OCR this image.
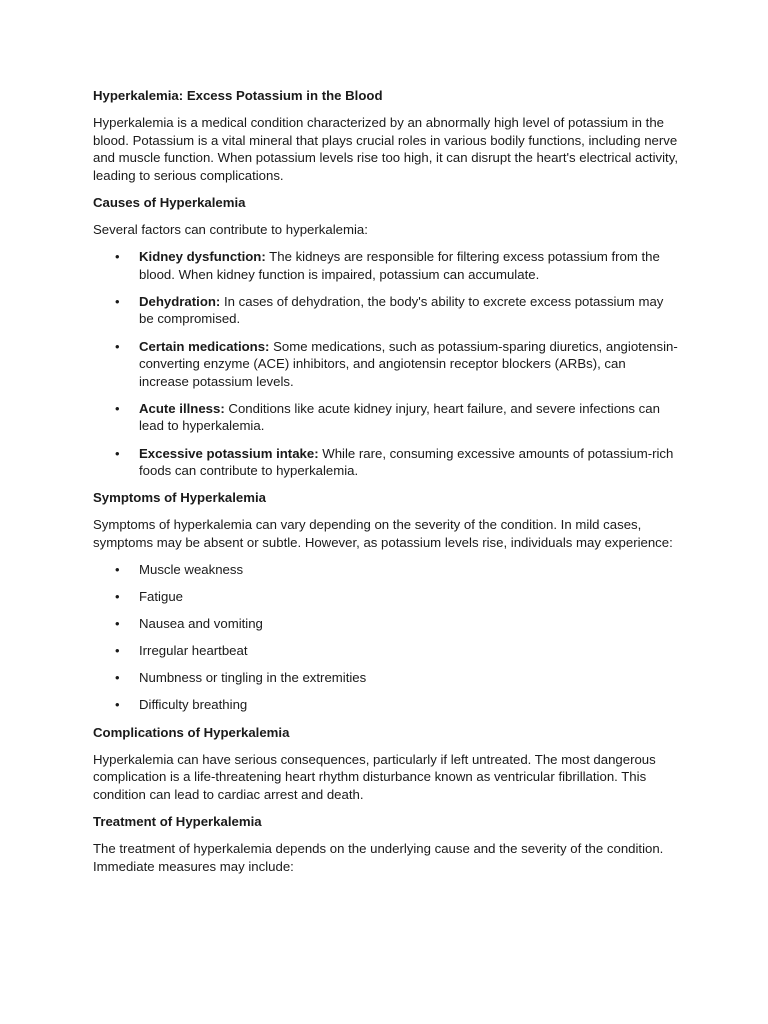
Hyperkalemia: Excess Potassium in the Blood
Hyperkalemia is a medical condition characterized by an abnormally high level of potassium in the blood. Potassium is a vital mineral that plays crucial roles in various bodily functions, including nerve and muscle function. When potassium levels rise too high, it can disrupt the heart's electrical activity, leading to serious complications.
Causes of Hyperkalemia
Several factors can contribute to hyperkalemia:
• Kidney dysfunction: The kidneys are responsible for filtering excess potassium from the blood. When kidney function is impaired, potassium can accumulate.
• Dehydration: In cases of dehydration, the body's ability to excrete excess potassium may be compromised.
• Certain medications: Some medications, such as potassium-sparing diuretics, angiotensin-converting enzyme (ACE) inhibitors, and angiotensin receptor blockers (ARBs), can increase potassium levels.
• Acute illness: Conditions like acute kidney injury, heart failure, and severe infections can lead to hyperkalemia.
• Excessive potassium intake: While rare, consuming excessive amounts of potassium-rich foods can contribute to hyperkalemia.
Symptoms of Hyperkalemia
Symptoms of hyperkalemia can vary depending on the severity of the condition. In mild cases, symptoms may be absent or subtle. However, as potassium levels rise, individuals may experience:
• Muscle weakness
• Fatigue
• Nausea and vomiting
• Irregular heartbeat
• Numbness or tingling in the extremities
• Difficulty breathing
Complications of Hyperkalemia
Hyperkalemia can have serious consequences, particularly if left untreated. The most dangerous complication is a life-threatening heart rhythm disturbance known as ventricular fibrillation. This condition can lead to cardiac arrest and death.
Treatment of Hyperkalemia
The treatment of hyperkalemia depends on the underlying cause and the severity of the condition. Immediate measures may include:
